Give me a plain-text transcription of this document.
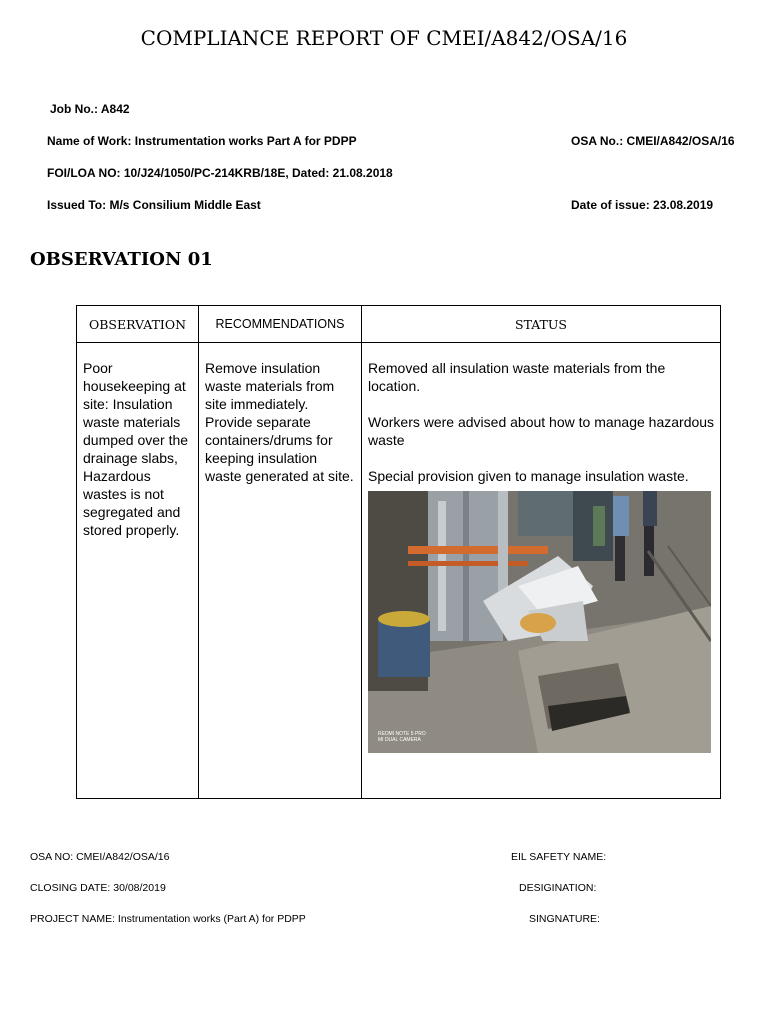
COMPLIANCE REPORT OF CMEI/A842/OSA/16
Job No.: A842
Name of Work: Instrumentation works Part A for PDPP	OSA No.: CMEI/A842/OSA/16
FOI/LOA NO: 10/J24/1050/PC-214KRB/18E, Dated: 21.08.2018
Issued To: M/s Consilium Middle East	Date of issue: 23.08.2019
OBSERVATION 01
OBSERVATION	RECOMMENDATIONS	STATUS

Poor housekeeping at site: Insulation waste materials dumped over the drainage slabs, Hazardous wastes is not segregated and stored properly.	Remove insulation waste materials from site immediately. Provide separate containers/drums for keeping insulation waste generated at site.	Removed all insulation waste materials from the location.

Workers were advised about how to manage hazardous waste

Special provision given to manage insulation waste.

REDMI NOTE 5 PRO
MI DUAL CAMERA
OSA NO: CMEI/A842/OSA/16
CLOSING DATE: 30/08/2019
PROJECT NAME: Instrumentation works (Part A) for PDPP
EIL SAFETY NAME:
DESIGINATION:
SINGNATURE:
